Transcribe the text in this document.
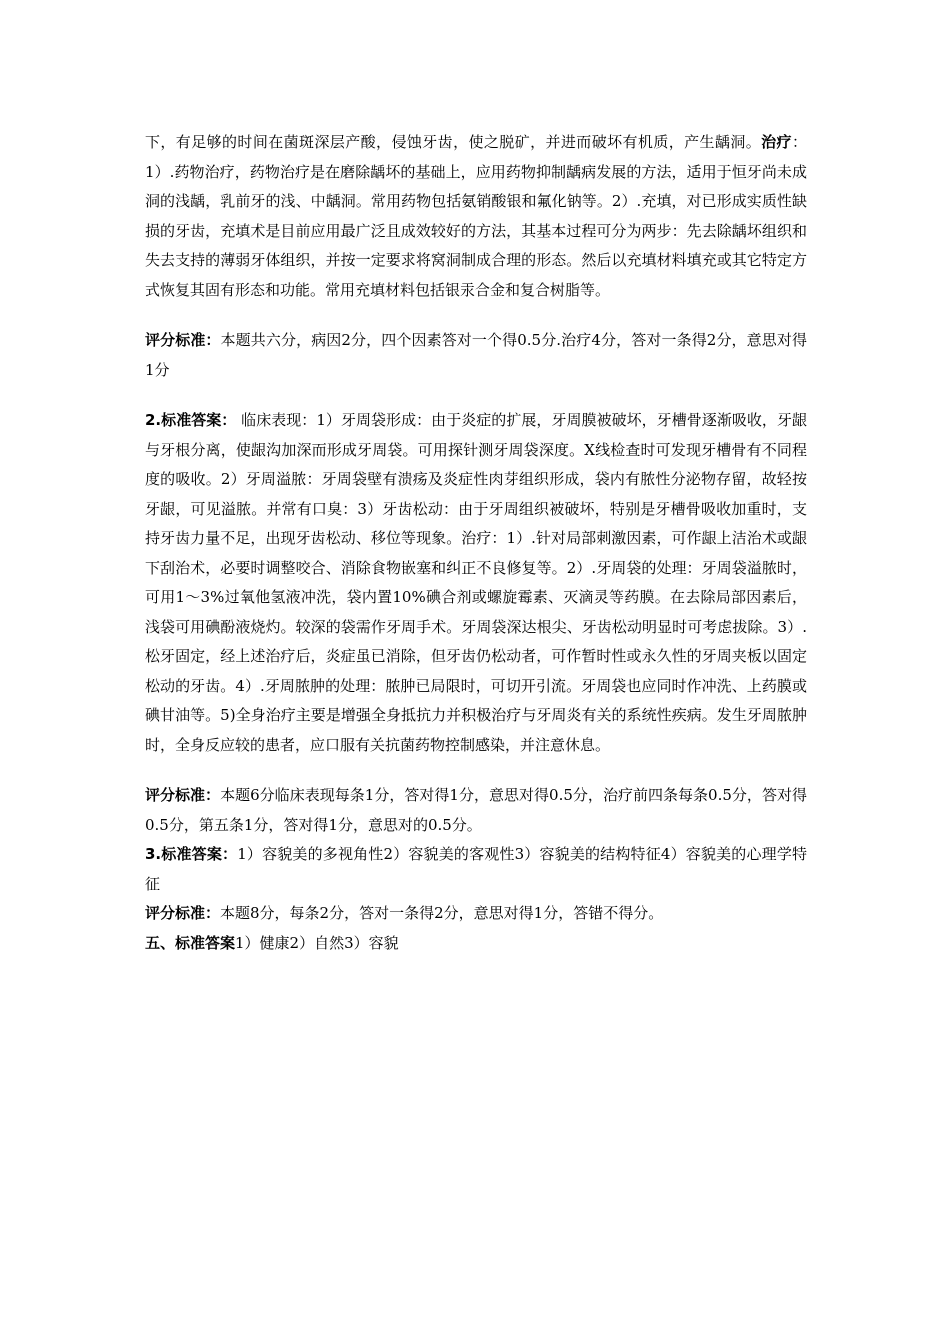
下，有足够的时间在菌斑深层产酸，侵蚀牙齿，使之脱矿，并进而破坏有机质，产生龋洞。治疗：1）.药物治疗，药物治疗是在磨除龋坏的基础上，应用药物抑制龋病发展的方法，适用于恒牙尚未成洞的浅龋，乳前牙的浅、中龋洞。常用药物包括氨销酸银和氟化钠等。2）.充填，对已形成实质性缺损的牙齿，充填术是目前应用最广泛且成效较好的方法，其基本过程可分为两步：先去除龋坏组织和失去支持的薄弱牙体组织，并按一定要求将窝洞制成合理的形态。然后以充填材料填充或其它特定方式恢复其固有形态和功能。常用充填材料包括银汞合金和复合树脂等。

评分标准：本题共六分，病因2分，四个因素答对一个得0.5分.治疗4分，答对一条得2分，意思对得1分

2.标准答案： 临床表现：1）牙周袋形成：由于炎症的扩展，牙周膜被破坏，牙槽骨逐渐吸收，牙龈与牙根分离，使龈沟加深而形成牙周袋。可用探针测牙周袋深度。X线检查时可发现牙槽骨有不同程度的吸收。2）牙周溢脓：牙周袋壁有溃疡及炎症性肉芽组织形成，袋内有脓性分泌物存留，故轻按牙龈，可见溢脓。并常有口臭：3）牙齿松动：由于牙周组织被破坏，特别是牙槽骨吸收加重时，支持牙齿力量不足，出现牙齿松动、移位等现象。治疗：1）.针对局部刺激因素，可作龈上洁治术或龈下刮治术，必要时调整咬合、消除食物嵌塞和纠正不良修复等。2）.牙周袋的处理：牙周袋溢脓时，可用1～3%过氧他氢液冲洗，袋内置10%碘合剂或螺旋霉素、灭滴灵等药膜。在去除局部因素后，浅袋可用碘酚液烧灼。较深的袋需作牙周手术。牙周袋深达根尖、牙齿松动明显时可考虑拔除。3）.松牙固定，经上述治疗后，炎症虽已消除，但牙齿仍松动者，可作暂时性或永久性的牙周夹板以固定松动的牙齿。4）.牙周脓肿的处理：脓肿已局限时，可切开引流。牙周袋也应同时作冲洗、上药膜或碘甘油等。5)全身治疗主要是增强全身抵抗力并积极治疗与牙周炎有关的系统性疾病。发生牙周脓肿时，全身反应较的患者，应口服有关抗菌药物控制感染，并注意休息。

评分标准：本题6分临床表现每条1分，答对得1分，意思对得0.5分，治疗前四条每条0.5分，答对得0.5分，第五条1分，答对得1分，意思对的0.5分。

3.标准答案：1）容貌美的多视角性2）容貌美的客观性3）容貌美的结构特征4）容貌美的心理学特征

评分标准：本题8分，每条2分，答对一条得2分，意思对得1分，答错不得分。

五、标准答案1）健康2）自然3）容貌
